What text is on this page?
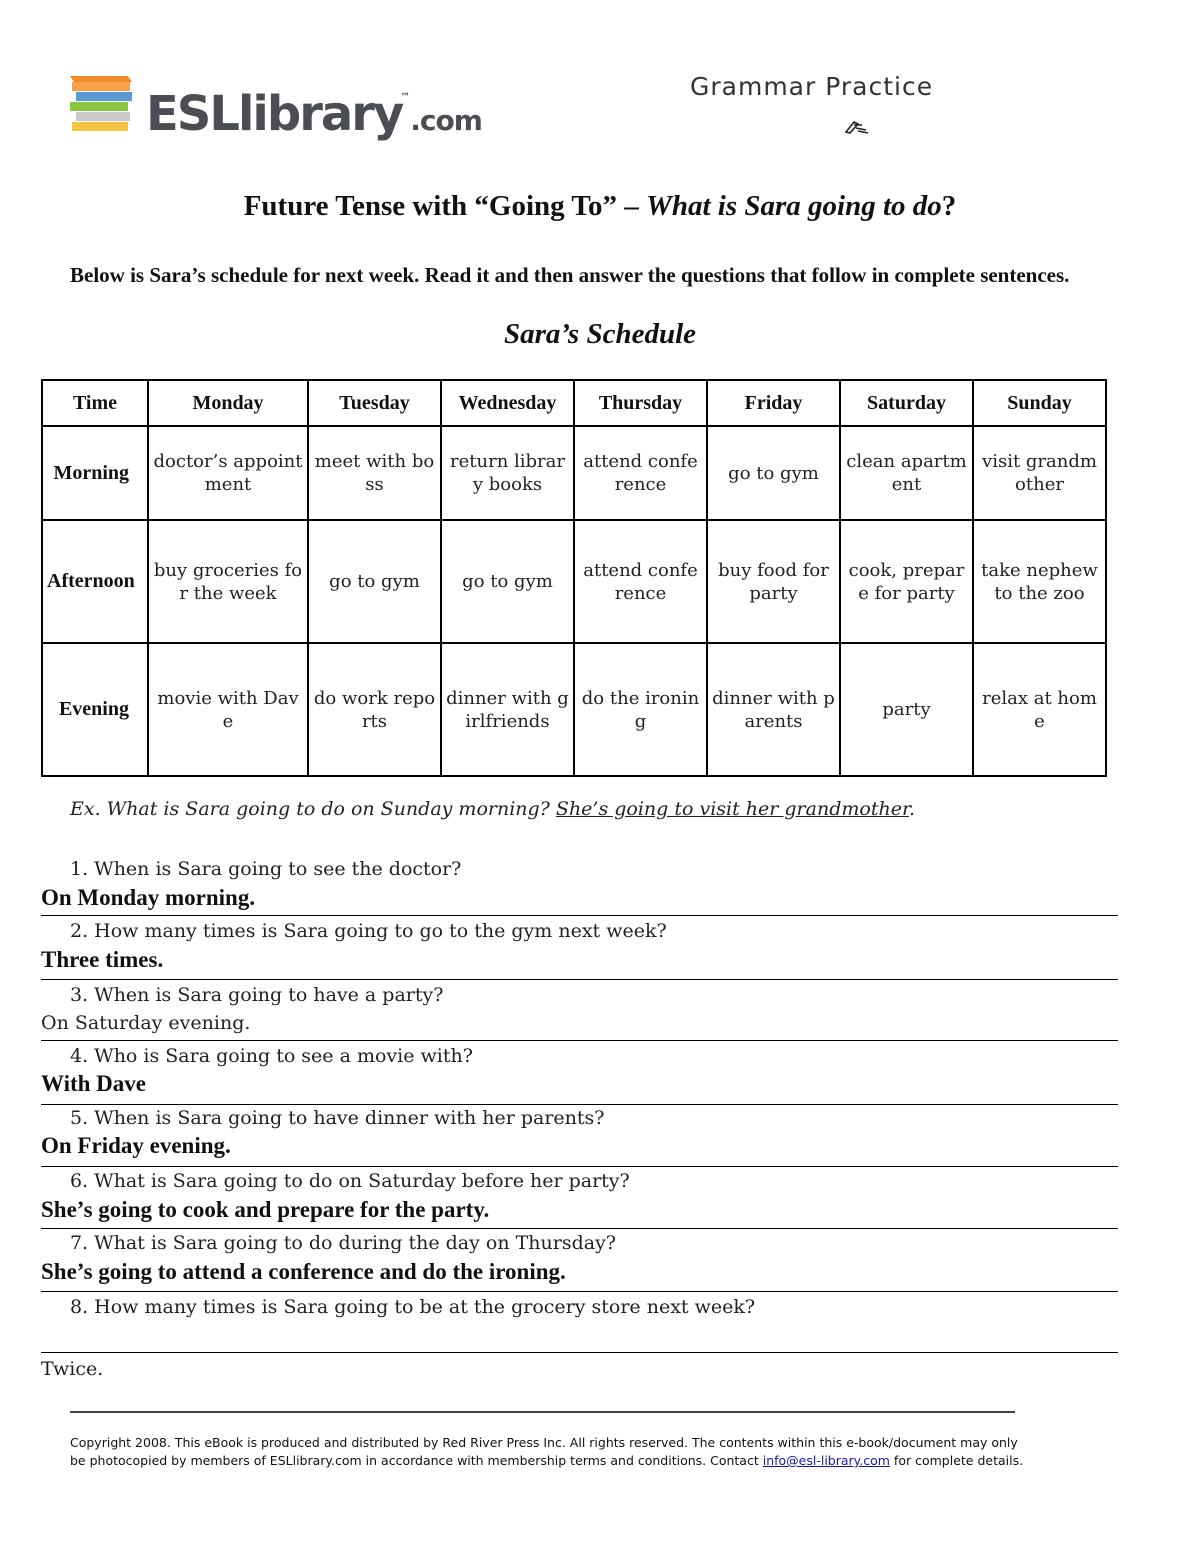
ESLlibrary™.com
Grammar Practice
Future Tense with “Going To” – What is Sara going to do?
Below is Sara’s schedule for next week. Read it and then answer the questions that follow in complete sentences.
Sara’s Schedule
Time	Monday	Tuesday	Wednesday	Thursday	Friday	Saturday	Sunday
Morning	doctor’s appointment	meet with boss	return library books	attend conference	go to gym	clean apartment	visit grandmother
Afternoon	buy groceries for the week	go to gym	go to gym	attend conference	buy food for party	cook, prepare for party	take nephew to the zoo
Evening	movie with Dave	do work reports	dinner with girlfriends	do the ironing	dinner with parents	party	relax at home
Ex. What is Sara going to do on Sunday morning? She’s going to visit her grandmother.
1. When is Sara going to see the doctor?
On Monday morning.
2. How many times is Sara going to go to the gym next week?
Three times.
3. When is Sara going to have a party?
On Saturday evening.
4. Who is Sara going to see a movie with?
With Dave
5. When is Sara going to have dinner with her parents?
On Friday evening.
6. What is Sara going to do on Saturday before her party?
She’s going to cook and prepare for the party.
7. What is Sara going to do during the day on Thursday?
She’s going to attend a conference and do the ironing.
8. How many times is Sara going to be at the grocery store next week?
Twice.
Copyright 2008. This eBook is produced and distributed by Red River Press Inc. All rights reserved. The contents within this e-book/document may only be photocopied by members of ESLlibrary.com in accordance with membership terms and conditions. Contact info@esl-library.com for complete details.
